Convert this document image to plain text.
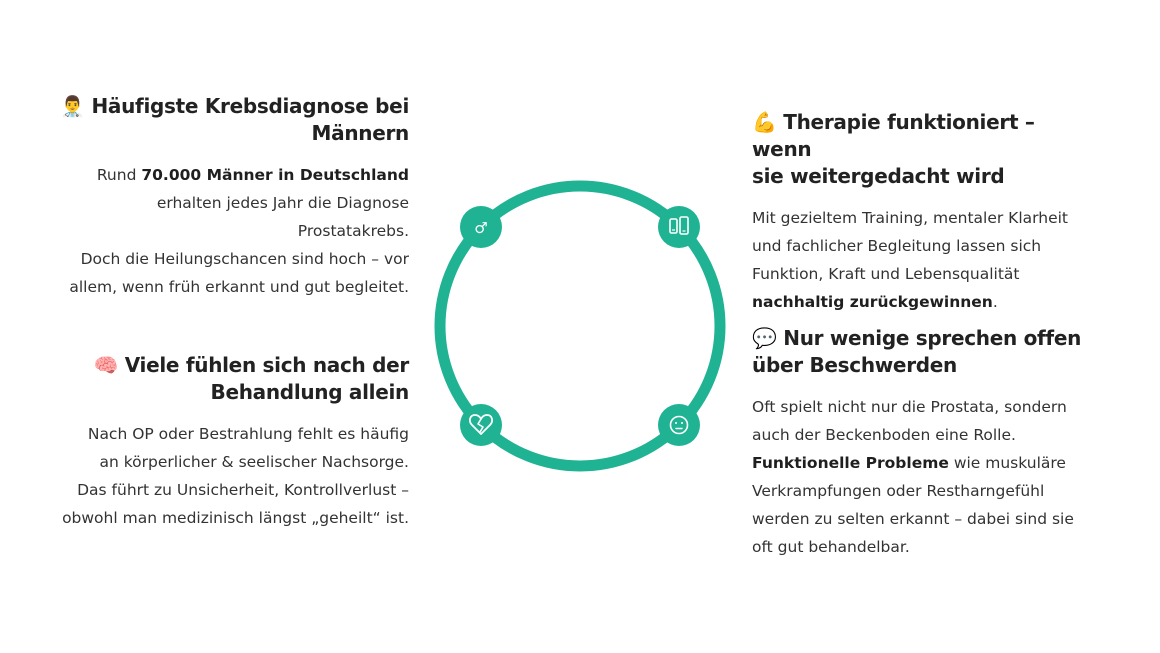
👨‍⚕️ Häufigste Krebsdiagnose bei
Männern

Rund 70.000 Männer in Deutschland
erhalten jedes Jahr die Diagnose
Prostatakrebs.
Doch die Heilungschancen sind hoch – vor
allem, wenn früh erkannt und gut begleitet.

🧠 Viele fühlen sich nach der
Behandlung allein

Nach OP oder Bestrahlung fehlt es häufig
an körperlicher & seelischer Nachsorge.
Das führt zu Unsicherheit, Kontrollverlust –
obwohl man medizinisch längst „geheilt“ ist.

💪 Therapie funktioniert – wenn
sie weitergedacht wird

Mit gezieltem Training, mentaler Klarheit
und fachlicher Begleitung lassen sich
Funktion, Kraft und Lebensqualität
nachhaltig zurückgewinnen.

💬 Nur wenige sprechen offen
über Beschwerden

Oft spielt nicht nur die Prostata, sondern
auch der Beckenboden eine Rolle.
Funktionelle Probleme wie muskuläre
Verkrampfungen oder Restharngefühl
werden zu selten erkannt – dabei sind sie
oft gut behandelbar.

♂
